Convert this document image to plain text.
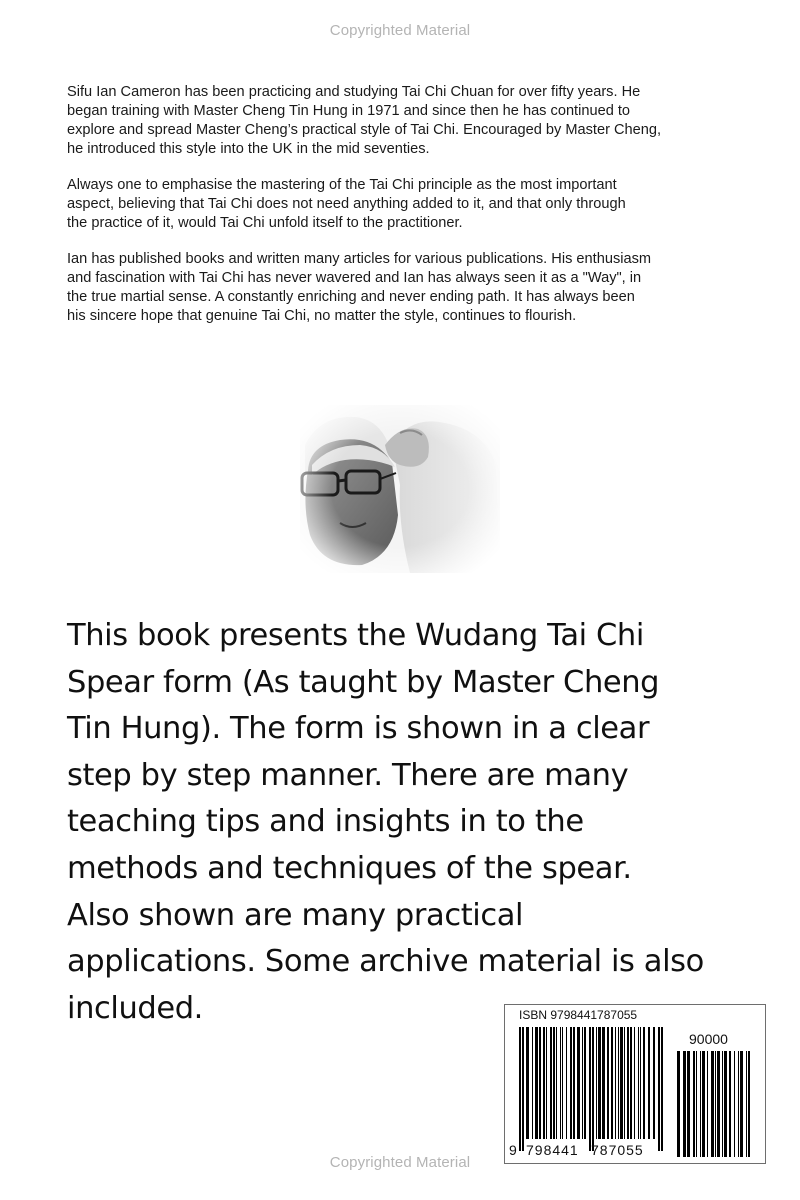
Copyrighted Material

Sifu Ian Cameron has been practicing and studying Tai Chi Chuan for over fifty years. He
began training with Master Cheng Tin Hung in 1971 and since then he has continued to
explore and spread Master Cheng’s practical style of Tai Chi. Encouraged by Master Cheng,
he introduced this style into the UK in the mid seventies.

Always one to emphasise the mastering of the Tai Chi principle as the most important
aspect, believing that Tai Chi does not need anything added to it, and that only through
the practice of it, would Tai Chi unfold itself to the practitioner.

Ian has published books and written many articles for various publications. His enthusiasm
and fascination with Tai Chi has never wavered and Ian has always seen it as a "Way", in
the true martial sense. A constantly enriching and never ending path. It has always been
his sincere hope that genuine Tai Chi, no matter the style, continues to flourish.

This book presents the Wudang Tai Chi
Spear form (As taught by Master Cheng
Tin Hung). The form is shown in a clear
step by step manner. There are many
teaching tips and insights in to the
methods and techniques of the spear.
Also shown are many practical
applications. Some archive material is also
included.	ISBN 9798441787055
90000
9 798441 787055
Copyrighted Material
